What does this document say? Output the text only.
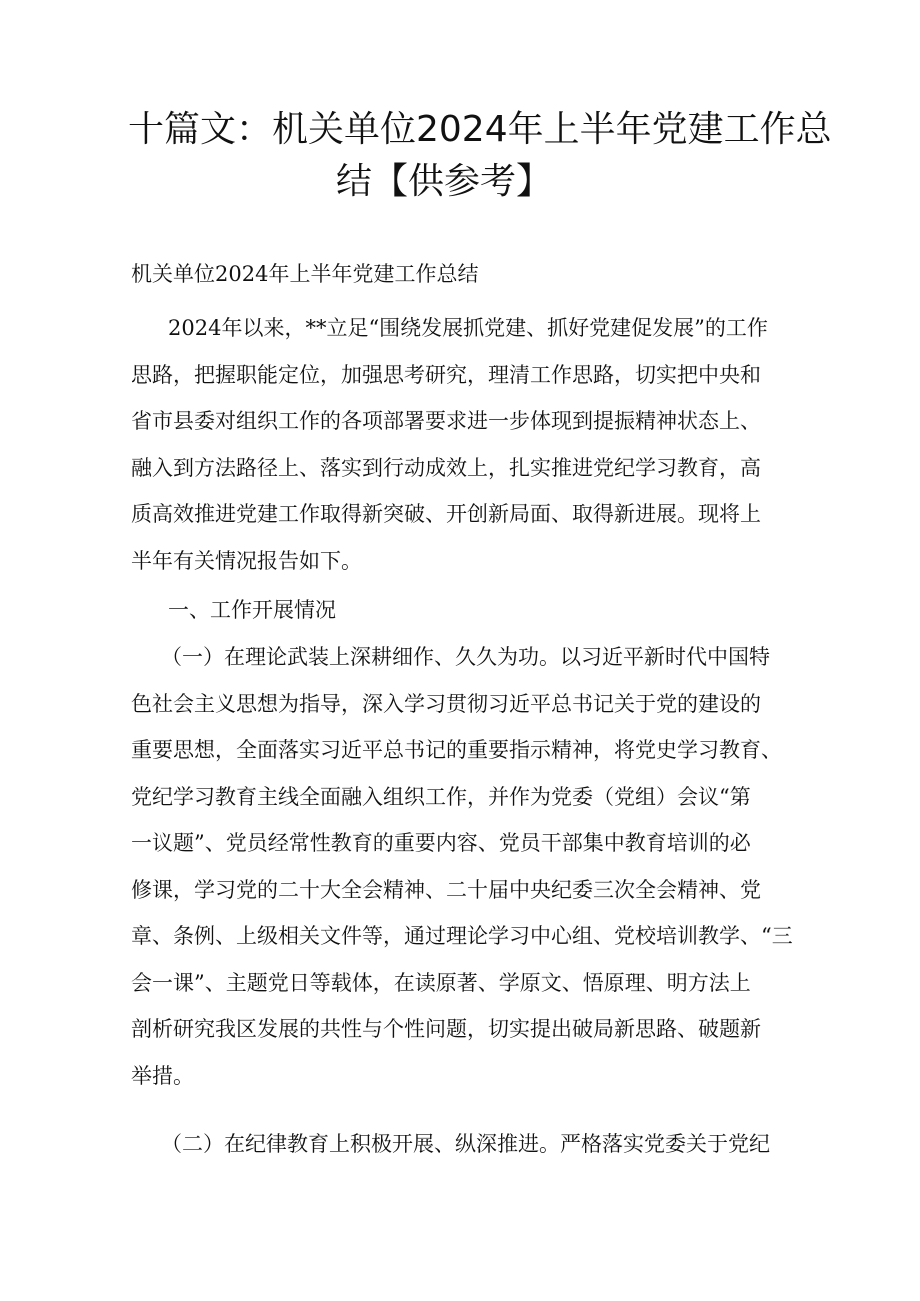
十篇文：机关单位2024年上半年党建工作总
结【供参考】
机关单位2024年上半年党建工作总结
2024年以来，**立足“围绕发展抓党建、抓好党建促发展”的工作
思路，把握职能定位，加强思考研究，理清工作思路，切实把中央和
省市县委对组织工作的各项部署要求进一步体现到提振精神状态上、
融入到方法路径上、落实到行动成效上，扎实推进党纪学习教育，高
质高效推进党建工作取得新突破、开创新局面、取得新进展。现将上
半年有关情况报告如下。
一、工作开展情况
（一）在理论武装上深耕细作、久久为功。以习近平新时代中国特
色社会主义思想为指导，深入学习贯彻习近平总书记关于党的建设的
重要思想，全面落实习近平总书记的重要指示精神，将党史学习教育、
党纪学习教育主线全面融入组织工作，并作为党委（党组）会议“第
一议题”、党员经常性教育的重要内容、党员干部集中教育培训的必
修课，学习党的二十大全会精神、二十届中央纪委三次全会精神、党
章、条例、上级相关文件等，通过理论学习中心组、党校培训教学、“三
会一课”、主题党日等载体，在读原著、学原文、悟原理、明方法上
剖析研究我区发展的共性与个性问题，切实提出破局新思路、破题新
举措。
（二）在纪律教育上积极开展、纵深推进。严格落实党委关于党纪
